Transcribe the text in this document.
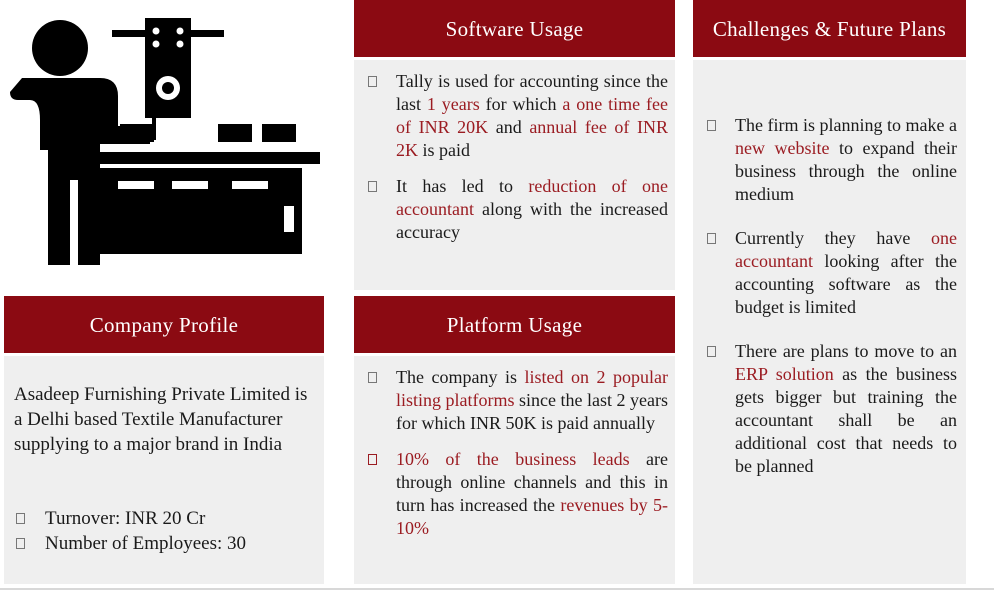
Company Profile

Asadeep Furnishing Private Limited is a Delhi based Textile Manufacturer supplying to a major brand in India

Turnover: INR 20 Cr
Number of Employees: 30
Software Usage
Tally is used for accounting since the last 1 years for which a one time fee of INR 20K and annual fee of INR 2K is paid
It has led to reduction of one accountant along with the increased accuracy
Platform Usage
The company is listed on 2 popular listing platforms since the last 2 years for which INR 50K is paid annually
10% of the business leads are through online channels and this in turn has increased the revenues by 5-10%
Challenges & Future Plans
The firm is planning to make a new website to expand their business through the online medium
Currently they have one accountant looking after the accounting software as the budget is limited
There are plans to move to an ERP solution as the business gets bigger but training the accountant shall be an additional cost that needs to be planned
